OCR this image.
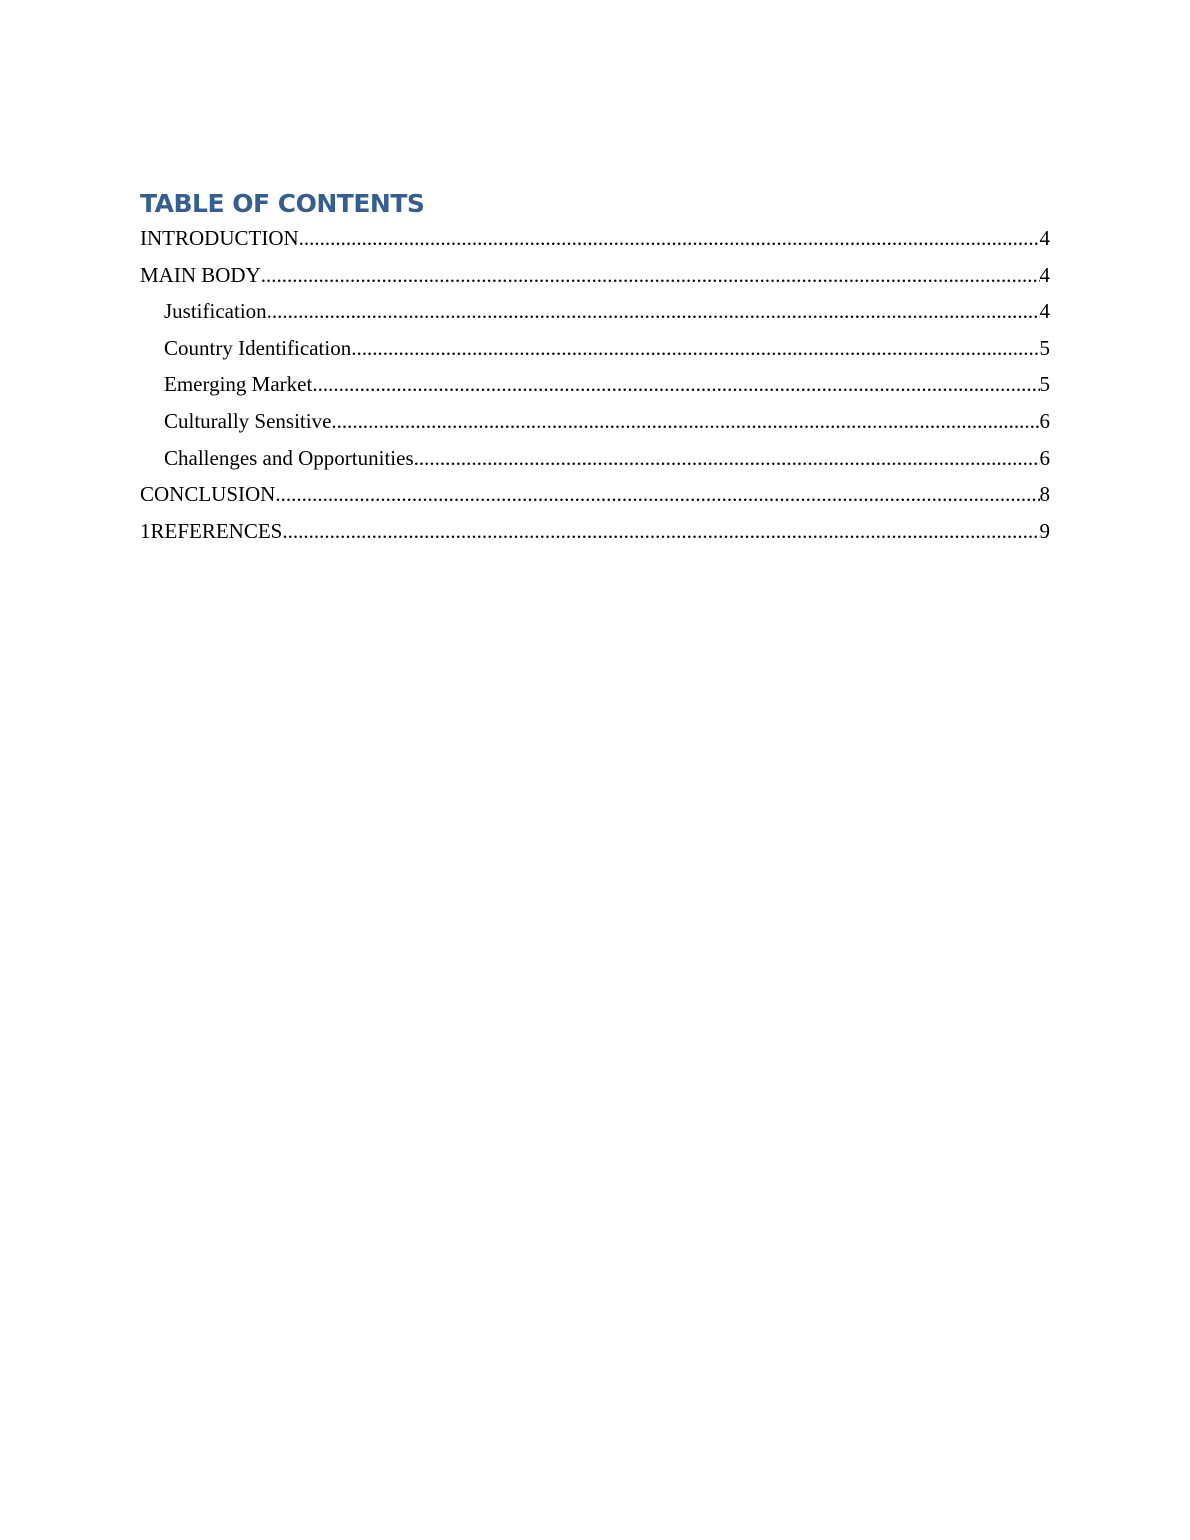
TABLE OF CONTENTS
INTRODUCTION .....	4
MAIN BODY .....	4
Justification .....	4
Country Identification .....	5
Emerging Market .....	5
Culturally Sensitive .....	6
Challenges and Opportunities .....	6
CONCLUSION .....	8
1REFERENCES .....	9
